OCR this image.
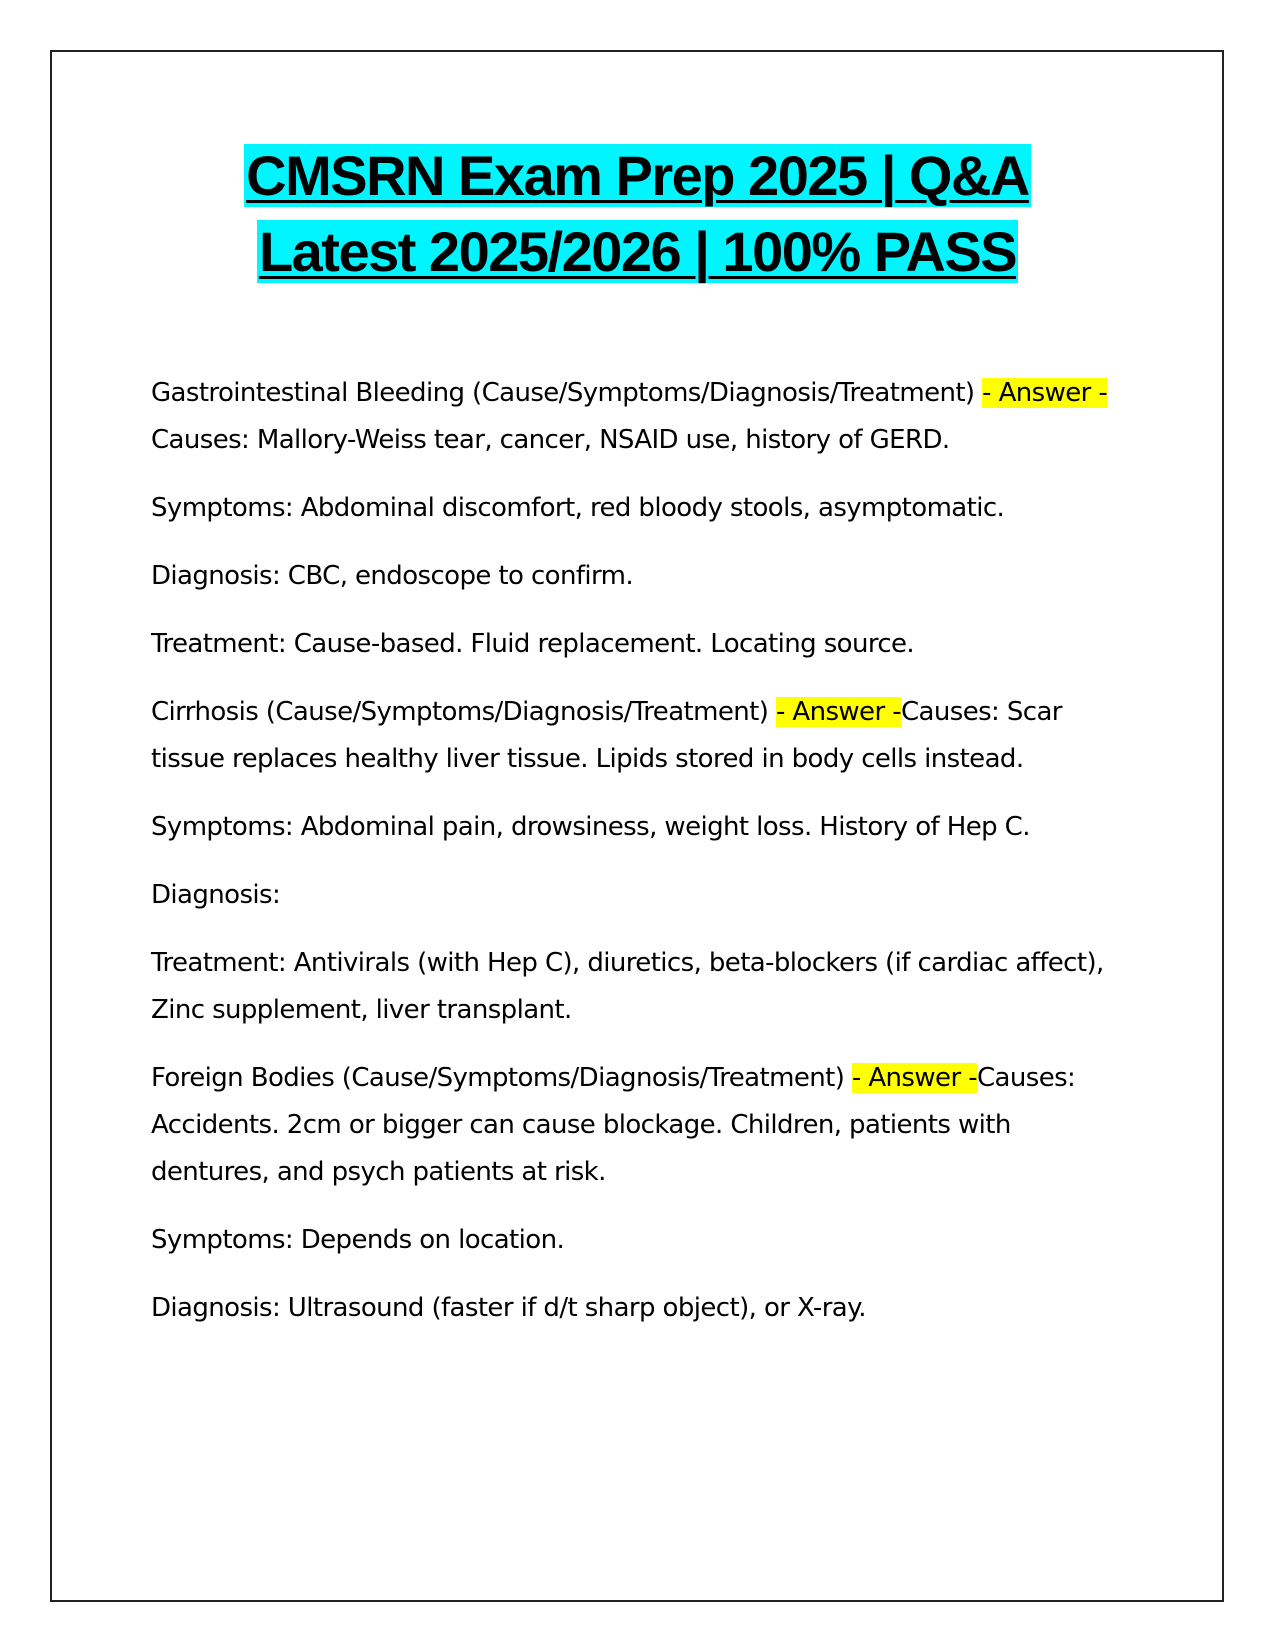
CMSRN Exam Prep 2025 | Q&A
Latest 2025/2026 | 100% PASS

Gastrointestinal Bleeding (Cause/Symptoms/Diagnosis/Treatment) - Answer -Causes: Mallory-Weiss tear, cancer, NSAID use, history of GERD.

Symptoms: Abdominal discomfort, red bloody stools, asymptomatic.

Diagnosis: CBC, endoscope to confirm.

Treatment: Cause-based. Fluid replacement. Locating source.

Cirrhosis (Cause/Symptoms/Diagnosis/Treatment) - Answer -Causes: Scar tissue replaces healthy liver tissue. Lipids stored in body cells instead.

Symptoms: Abdominal pain, drowsiness, weight loss. History of Hep C.

Diagnosis:

Treatment: Antivirals (with Hep C), diuretics, beta-blockers (if cardiac affect), Zinc supplement, liver transplant.

Foreign Bodies (Cause/Symptoms/Diagnosis/Treatment) - Answer -Causes: Accidents. 2cm or bigger can cause blockage. Children, patients with dentures, and psych patients at risk.

Symptoms: Depends on location.

Diagnosis: Ultrasound (faster if d/t sharp object), or X-ray.
